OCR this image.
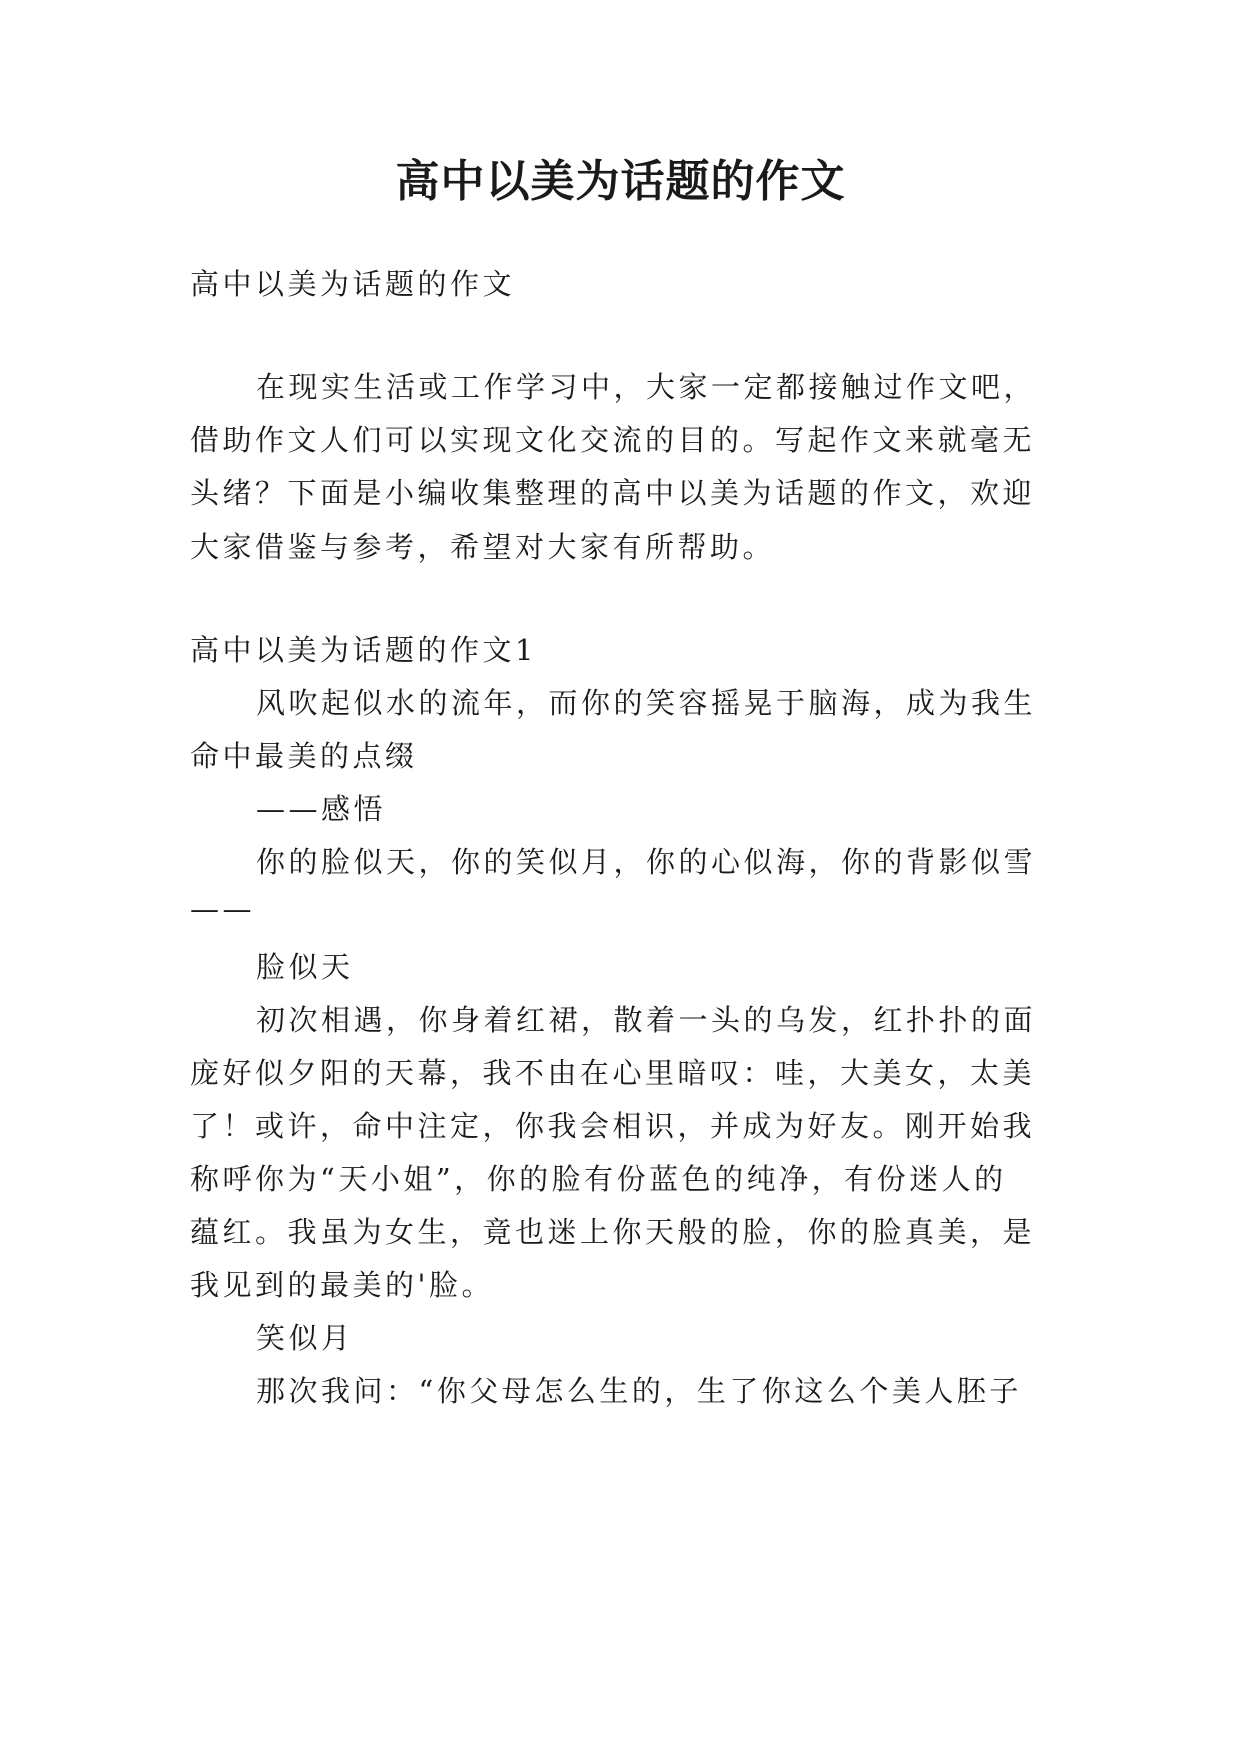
高中以美为话题的作文
高中以美为话题的作文
在现实生活或工作学习中，大家一定都接触过作文吧，
借助作文人们可以实现文化交流的目的。写起作文来就毫无
头绪？下面是小编收集整理的高中以美为话题的作文，欢迎
大家借鉴与参考，希望对大家有所帮助。
高中以美为话题的作文1
风吹起似水的流年，而你的笑容摇晃于脑海，成为我生
命中最美的点缀
——感悟
你的脸似天，你的笑似月，你的心似海，你的背影似雪
——
脸似天
初次相遇，你身着红裙，散着一头的乌发，红扑扑的面
庞好似夕阳的天幕，我不由在心里暗叹：哇，大美女，太美
了！或许，命中注定，你我会相识，并成为好友。刚开始我
称呼你为“天小姐”，你的脸有份蓝色的纯净，有份迷人的
蕴红。我虽为女生，竟也迷上你天般的脸，你的脸真美，是
我见到的最美的'脸。
笑似月
那次我问：“你父母怎么生的，生了你这么个美人胚子
